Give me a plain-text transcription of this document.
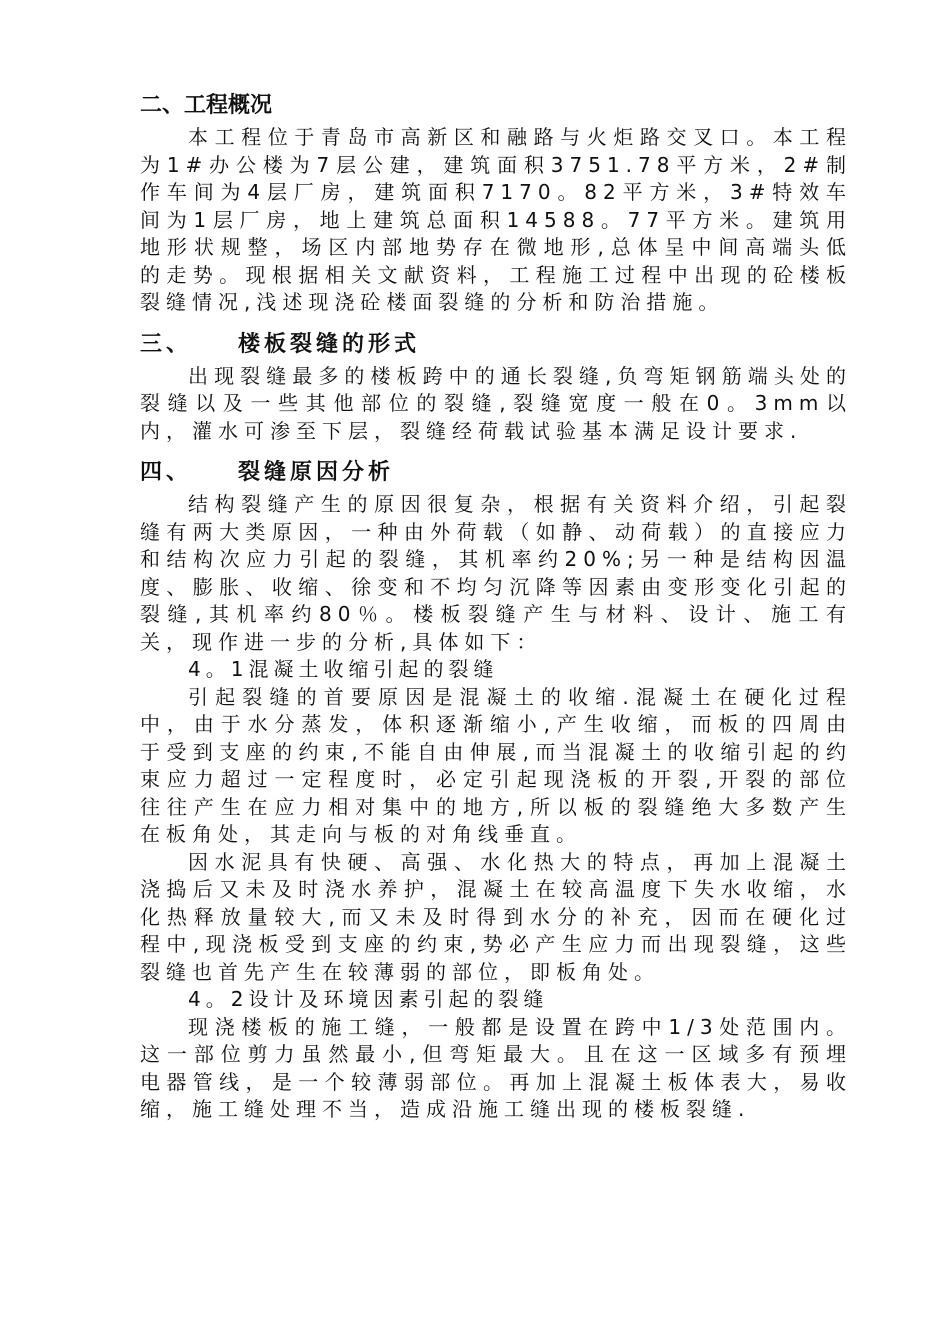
二、工程概况

本工程位于青岛市高新区和融路与火炬路交叉口。本工程为1#办公楼为7层公建，建筑面积3751.78平方米，2#制作车间为4层厂房，建筑面积7170。82平方米，3#特效车间为1层厂房，地上建筑总面积14588。77平方米。建筑用地形状规整，场区内部地势存在微地形,总体呈中间高端头低的走势。现根据相关文献资料，工程施工过程中出现的砼楼板裂缝情况,浅述现浇砼楼面裂缝的分析和防治措施。

三、 楼板裂缝的形式

出现裂缝最多的楼板跨中的通长裂缝,负弯矩钢筋端头处的裂缝以及一些其他部位的裂缝,裂缝宽度一般在0。3mm以内，灌水可渗至下层，裂缝经荷载试验基本满足设计要求.

四、 裂缝原因分析

结构裂缝产生的原因很复杂，根据有关资料介绍，引起裂缝有两大类原因，一种由外荷载（如静、动荷载）的直接应力和结构次应力引起的裂缝，其机率约20%;另一种是结构因温度、膨胀、收缩、徐变和不均匀沉降等因素由变形变化引起的裂缝,其机率约80％。楼板裂缝产生与材料、设计、施工有关，现作进一步的分析,具体如下：

4。1混凝土收缩引起的裂缝

引起裂缝的首要原因是混凝土的收缩.混凝土在硬化过程中，由于水分蒸发，体积逐渐缩小,产生收缩，而板的四周由于受到支座的约束,不能自由伸展,而当混凝土的收缩引起的约束应力超过一定程度时，必定引起现浇板的开裂,开裂的部位往往产生在应力相对集中的地方,所以板的裂缝绝大多数产生在板角处，其走向与板的对角线垂直。

因水泥具有快硬、高强、水化热大的特点，再加上混凝土浇捣后又未及时浇水养护，混凝土在较高温度下失水收缩，水化热释放量较大,而又未及时得到水分的补充，因而在硬化过程中,现浇板受到支座的约束,势必产生应力而出现裂缝，这些裂缝也首先产生在较薄弱的部位，即板角处。

4。2设计及环境因素引起的裂缝

现浇楼板的施工缝，一般都是设置在跨中1/3处范围内。这一部位剪力虽然最小,但弯矩最大。且在这一区域多有预埋电器管线，是一个较薄弱部位。再加上混凝土板体表大，易收缩，施工缝处理不当，造成沿施工缝出现的楼板裂缝.
